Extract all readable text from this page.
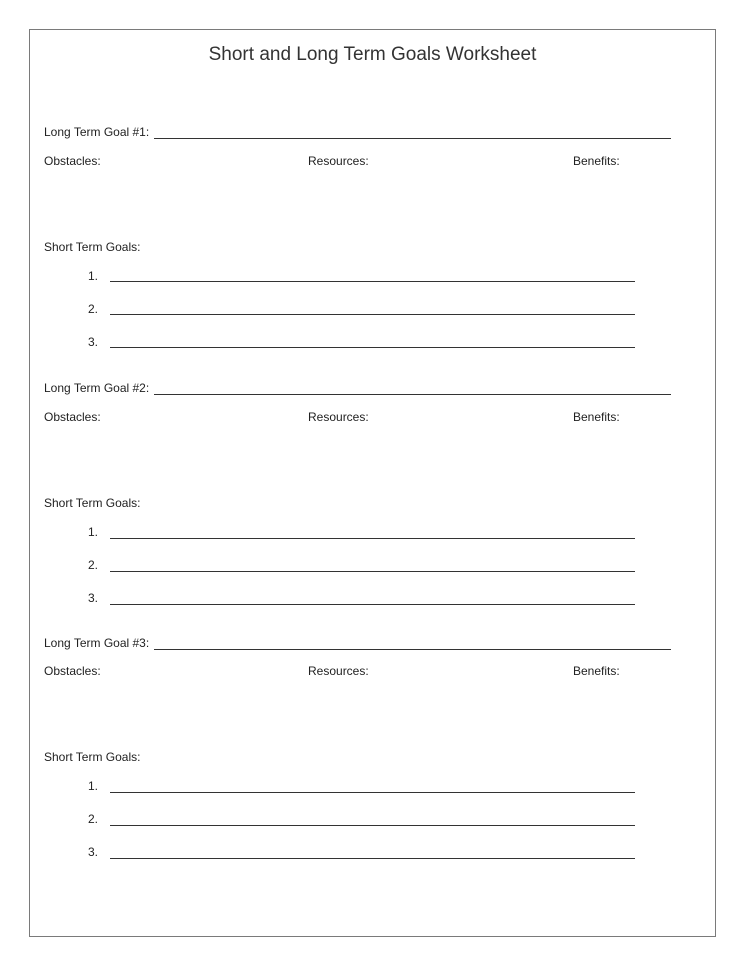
Short and Long Term Goals Worksheet
Long Term Goal #1:
Obstacles:	Resources:	Benefits:
Short Term Goals:
1.
2.
3.
Long Term Goal #2:
Obstacles:	Resources:	Benefits:
Short Term Goals:
1.
2.
3.
Long Term Goal #3:
Obstacles:	Resources:	Benefits:
Short Term Goals:
1.
2.
3.
